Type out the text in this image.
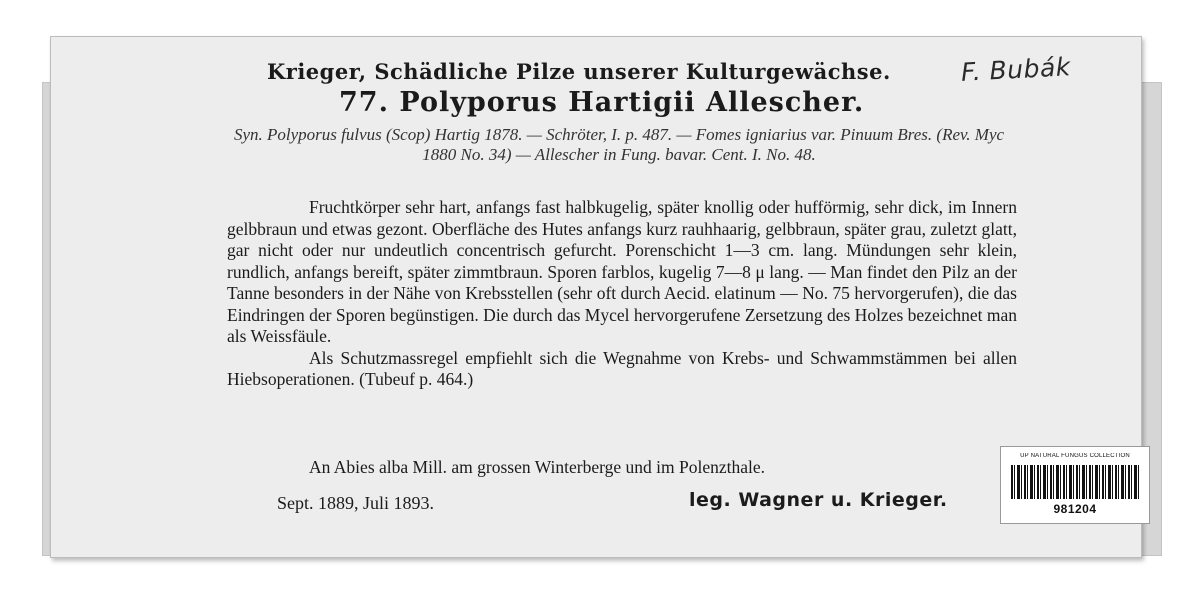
Krieger, Schädliche Pilze unserer Kulturgewächse.	F. Bubák
77. Polyporus Hartigii Allescher.
Syn. Polyporus fulvus (Scop) Hartig 1878. — Schröter, I. p. 487. — Fomes igniarius var. Pinuum Bres. (Rev. Myc 1880 No. 34) — Allescher in Fung. bavar. Cent. I. No. 48.

Fruchtkörper sehr hart, anfangs fast halbkugelig, später knollig oder hufförmig, sehr dick, im Innern gelbbraun und etwas gezont. Oberfläche des Hutes anfangs kurz rauhhaarig, gelbbraun, später grau, zuletzt glatt, gar nicht oder nur undeutlich concentrisch gefurcht. Porenschicht 1—3 cm. lang. Mündungen sehr klein, rundlich, anfangs bereift, später zimmtbraun. Sporen farblos, kugelig 7—8 μ lang. — Man findet den Pilz an der Tanne besonders in der Nähe von Krebsstellen (sehr oft durch Aecid. elatinum — No. 75 hervorgerufen), die das Eindringen der Sporen begünstigen. Die durch das Mycel hervorgerufene Zersetzung des Holzes bezeichnet man als Weissfäule.

Als Schutzmassregel empfiehlt sich die Wegnahme von Krebs- und Schwammstämmen bei allen Hiebsoperationen. (Tubeuf p. 464.)

An Abies alba Mill. am grossen Winterberge und im Polenzthale.
Sept. 1889, Juli 1893.	leg. Wagner u. Krieger.
UP NATURAL FUNGUS COLLECTION
981204
